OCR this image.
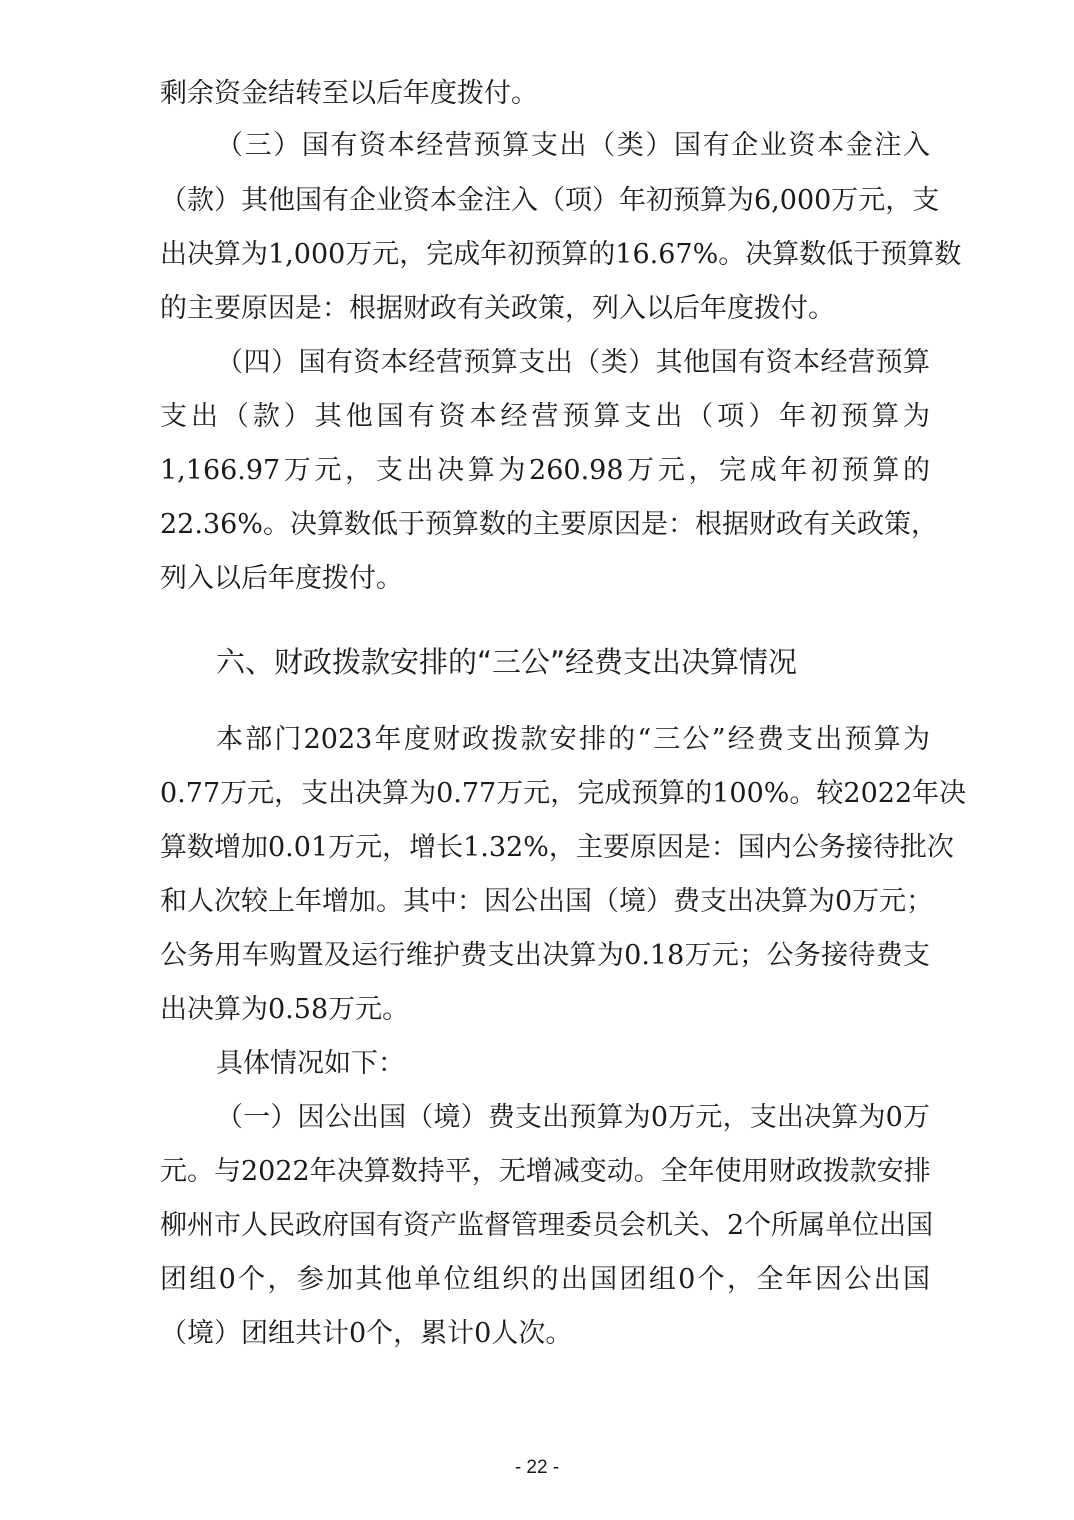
剩余资金结转至以后年度拨付。
（三）国有资本经营预算支出（类）国有企业资本金注入
（款）其他国有企业资本金注入（项）年初预算为6,000万元，支
出决算为1,000万元，完成年初预算的16.67%。决算数低于预算数
的主要原因是：根据财政有关政策，列入以后年度拨付。
（四）国有资本经营预算支出（类）其他国有资本经营预算
支出（款）其他国有资本经营预算支出（项）年初预算为
1,166.97万元，支出决算为260.98万元，完成年初预算的
22.36%。决算数低于预算数的主要原因是：根据财政有关政策，
列入以后年度拨付。
六、财政拨款安排的“三公”经费支出决算情况
本部门2023年度财政拨款安排的“三公”经费支出预算为
0.77万元，支出决算为0.77万元，完成预算的100%。较2022年决
算数增加0.01万元，增长1.32%，主要原因是：国内公务接待批次
和人次较上年增加。其中：因公出国（境）费支出决算为0万元；
公务用车购置及运行维护费支出决算为0.18万元；公务接待费支
出决算为0.58万元。
具体情况如下：
（一）因公出国（境）费支出预算为0万元，支出决算为0万
元。与2022年决算数持平，无增减变动。全年使用财政拨款安排
柳州市人民政府国有资产监督管理委员会机关、2个所属单位出国
团组0个，参加其他单位组织的出国团组0个，全年因公出国
（境）团组共计0个，累计0人次。
- 22 -
